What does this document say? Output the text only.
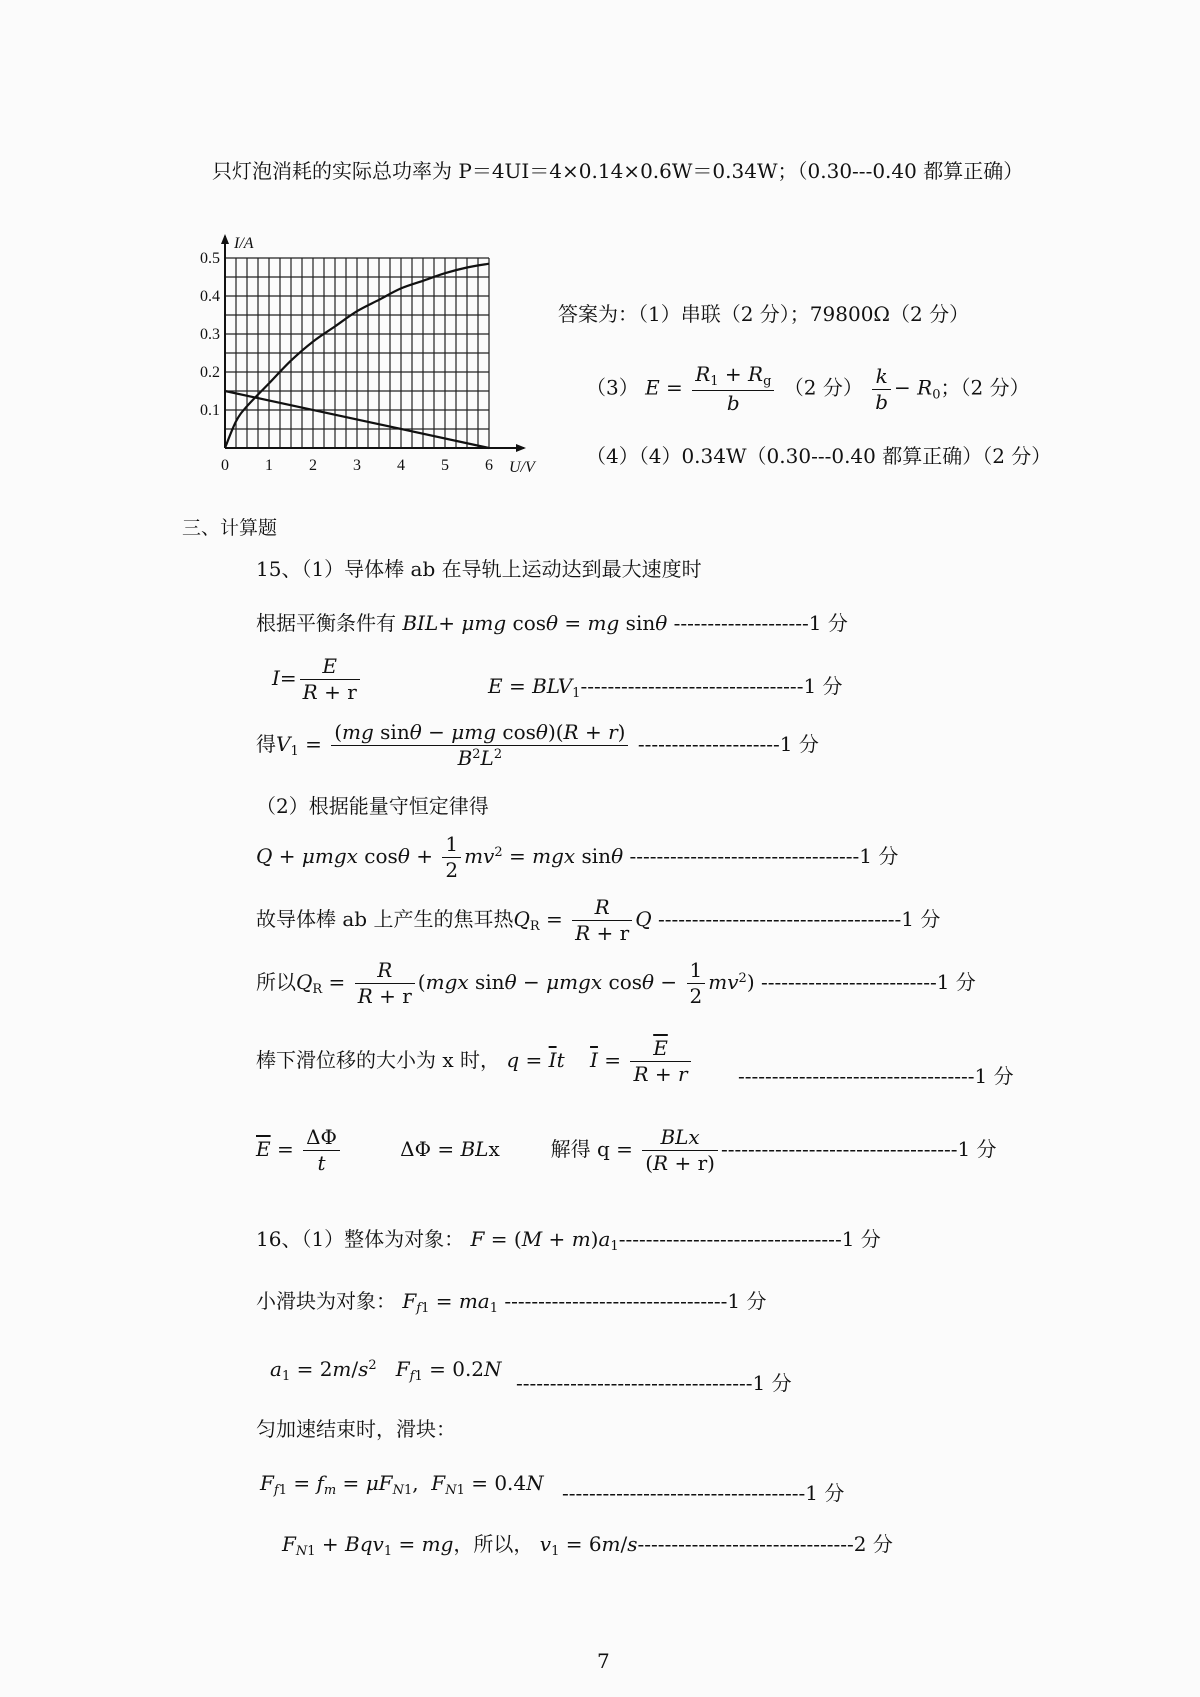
只灯泡消耗的实际总功率为 P＝4UI＝4×0.14×0.6W＝0.34W；（0.30---0.40 都算正确）
0 1 2 3 4 5 6
0.1
0.2
0.3
0.4
0.5
I/A
U/V
答案为：（1）串联（2 分）；79800Ω（2 分）
（3） $E = \frac{R_1 + R_g}{b} (2$ 分） $\frac{k}{b} - R_0$；（2 分）
（4）（4）0.34W（0.30---0.40 都算正确）（2 分）
三、计算题
15、（1）导体棒 ab 在导轨上运动达到最大速度时
根据平衡条件有 BIL+ μmg cosθ = mg sinθ --------------------1 分
$I= \frac{E}{R + r}$	$E = BLV_1---------------------------------1$ 分
得$V_1 = \frac{\text{(mg sinθ − μmg cosθ)(R + r)}}{B^2L^2} ---------------------1$ 分
（2）根据能量守恒定律得
Q + μmgx $\cos\theta + \frac{1}{2} mv^2$ = mgx sinθ ----------------------------------1 分
故导体棒 ab 上产生的焦耳热$Q_R = \frac{R}{R + r}$ Q ------------------------------------1 分
所以$Q_R = \frac{R}{R + r} (mgx$ sinθ − μmgx $\cos\theta - \frac{1}{2} mv^2$) --------------------------1 分
棒下滑位移的大小为 x 时， $q = \overline{I}t$ $\overline{I} = \frac{\overline{E}}{R + r} -----------------------------------1$ 分
$\overline{E} = \frac{\Delta\Phi}{t}$ ΔΦ = BLx        解得 $q = \frac{\text{BLx}}{(R + r)} -----------------------------------1$ 分
16、（1）整体为对象： $F = (M + m)a_1---------------------------------1$ 分
小滑块为对象： $F_{f1} = ma_1$ ---------------------------------1 分
$a_1 = 2m/s^2$ $F_{f1} = 0.2N$
-----------------------------------1 分
匀加速结束时，滑块：
$F_{f1} = f_m = \mu F_{N1}$,  $F_{N1} = 0.4N$ ------------------------------------1 分
$F_{N1} + Bqv_1$ = mg，所以， $v_1 = 6m/s--------------------------------2$ 分
7
